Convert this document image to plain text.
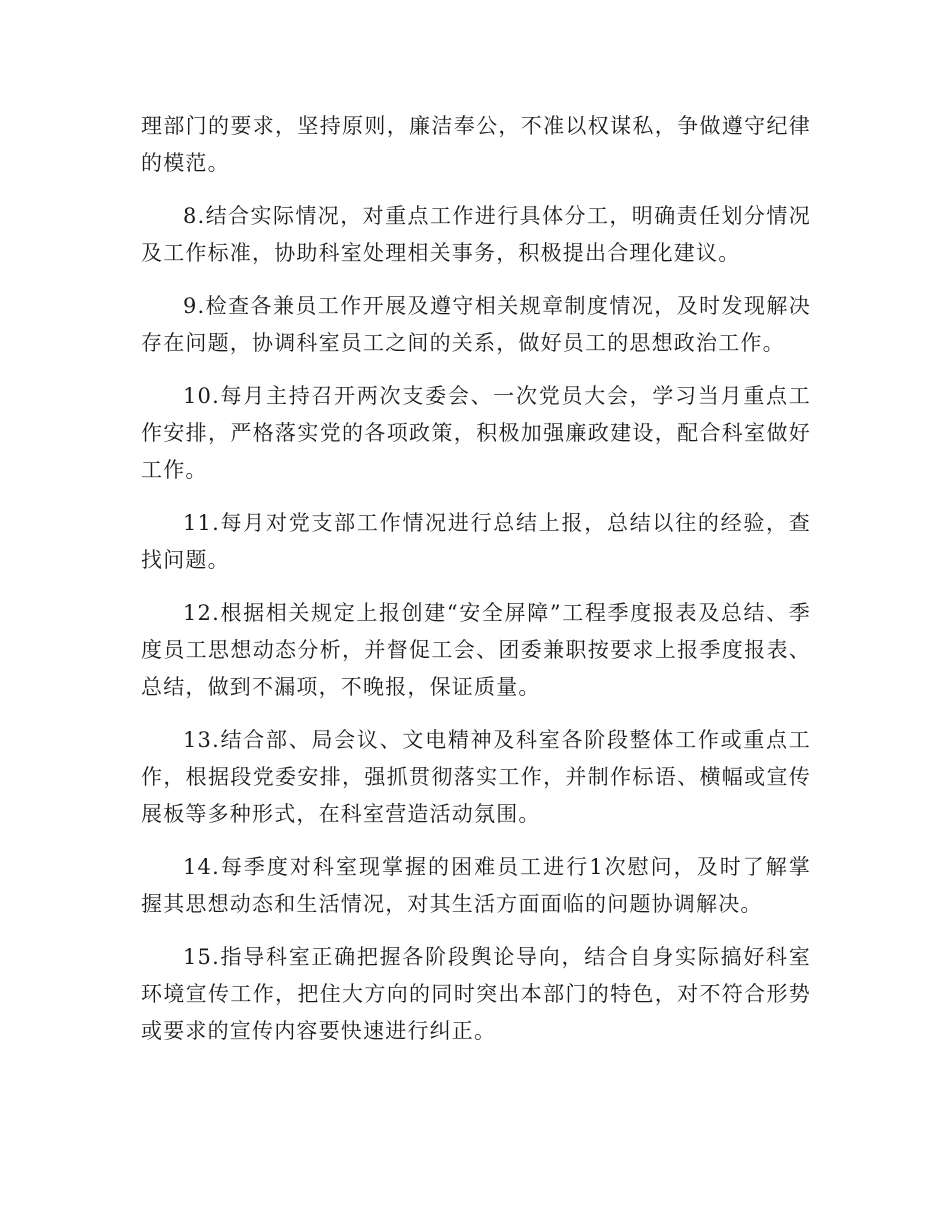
理部门的要求，坚持原则，廉洁奉公，不准以权谋私，争做遵守纪律的模范。

8.结合实际情况，对重点工作进行具体分工，明确责任划分情况及工作标准，协助科室处理相关事务，积极提出合理化建议。

9.检查各兼员工作开展及遵守相关规章制度情况，及时发现解决存在问题，协调科室员工之间的关系，做好员工的思想政治工作。

10.每月主持召开两次支委会、一次党员大会，学习当月重点工作安排，严格落实党的各项政策，积极加强廉政建设，配合科室做好工作。

11.每月对党支部工作情况进行总结上报，总结以往的经验，查找问题。

12.根据相关规定上报创建“安全屏障”工程季度报表及总结、季度员工思想动态分析，并督促工会、团委兼职按要求上报季度报表、总结，做到不漏项，不晚报，保证质量。

13.结合部、局会议、文电精神及科室各阶段整体工作或重点工作，根据段党委安排，强抓贯彻落实工作，并制作标语、横幅或宣传展板等多种形式，在科室营造活动氛围。

14.每季度对科室现掌握的困难员工进行1次慰问，及时了解掌握其思想动态和生活情况，对其生活方面面临的问题协调解决。

15.指导科室正确把握各阶段舆论导向，结合自身实际搞好科室环境宣传工作，把住大方向的同时突出本部门的特色，对不符合形势或要求的宣传内容要快速进行纠正。
